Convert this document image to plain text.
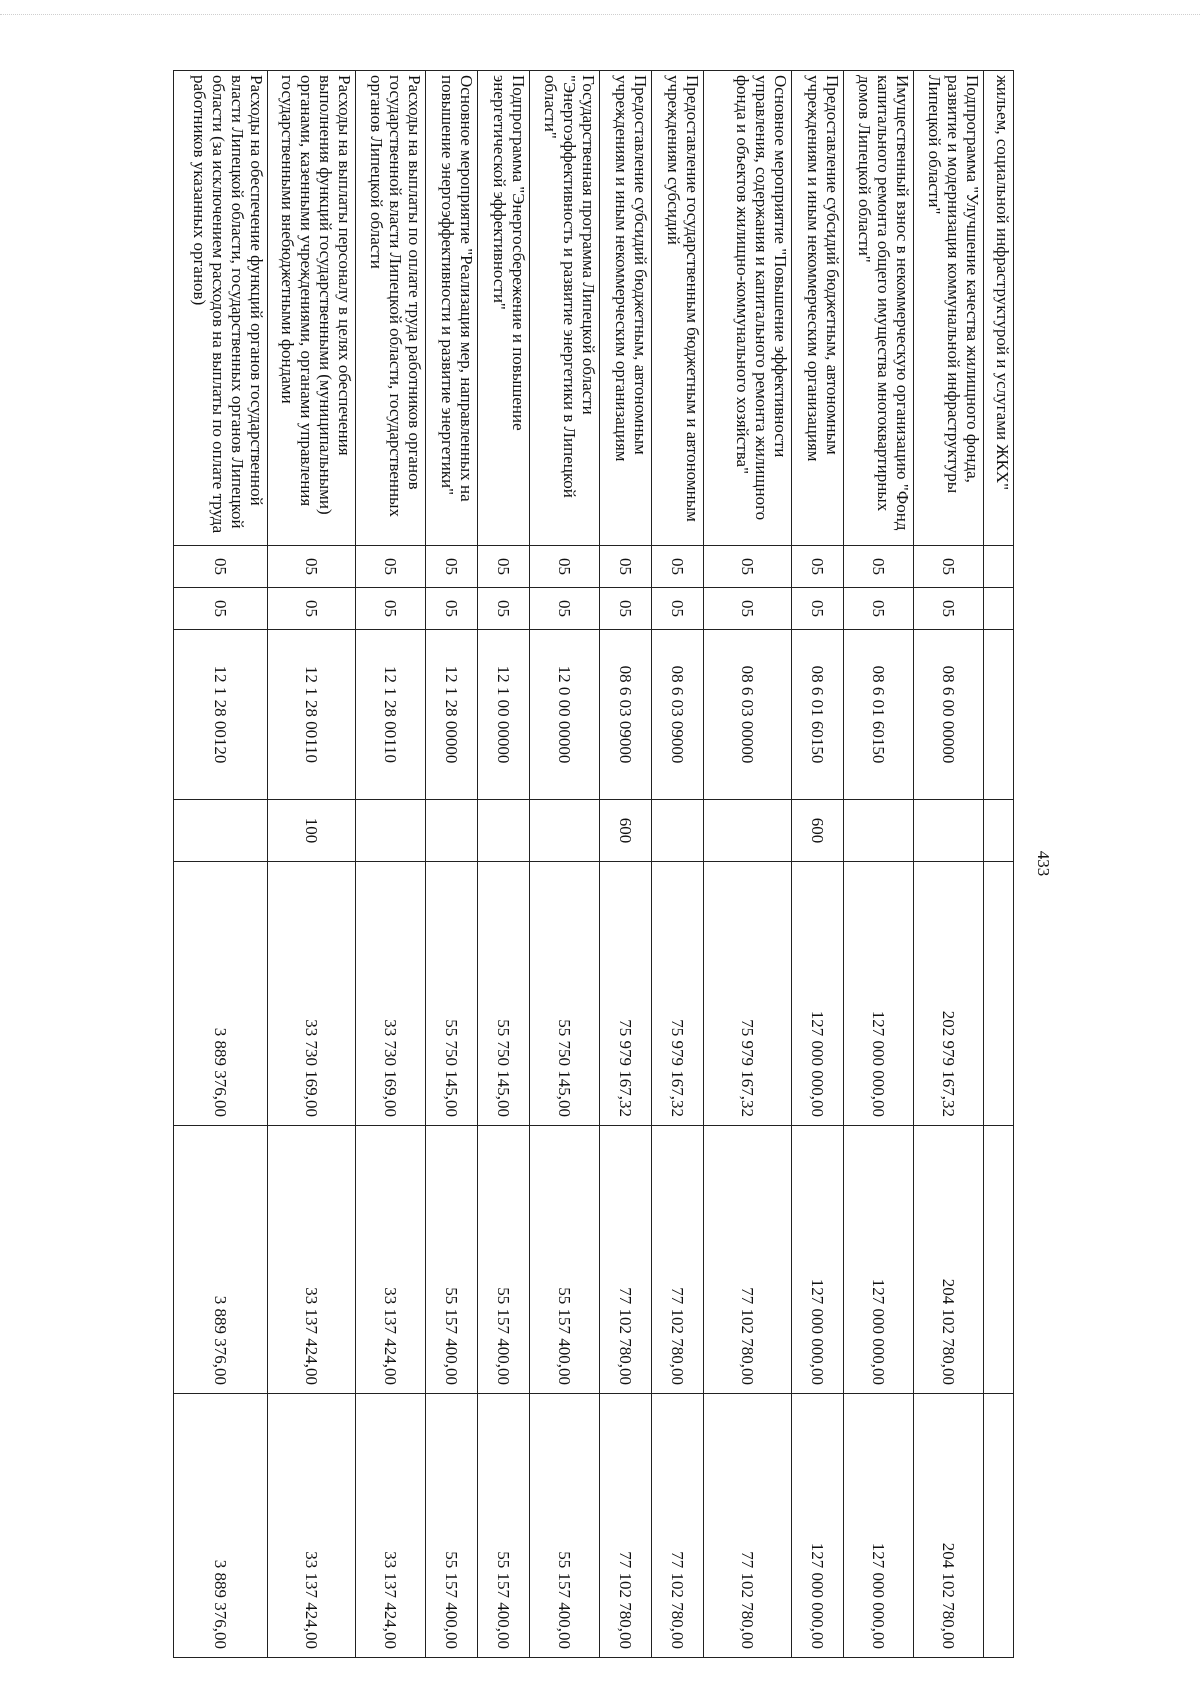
433
жильем, социальной инфраструктурой и услугами ЖКХ"							
Подпрограмма "Улучшение качества жилищного фонда, развитие и модернизация коммунальной инфраструктуры Липецкой области"	05	05	08 6 00 00000		202 979 167,32	204 102 780,00	204 102 780,00
Имущественный взнос в некоммерческую организацию "Фонд капитального ремонта общего имущества многоквартирных домов Липецкой области"	05	05	08 6 01 60150		127 000 000,00	127 000 000,00	127 000 000,00
Предоставление субсидий бюджетным, автономным учреждениям и иным некоммерческим организациям	05	05	08 6 01 60150	600	127 000 000,00	127 000 000,00	127 000 000,00
Основное мероприятие "Повышение эффективности управления, содержания и капитального ремонта жилищного фонда и объектов жилищно-коммунального хозяйства"	05	05	08 6 03 00000		75 979 167,32	77 102 780,00	77 102 780,00
Предоставление государственным бюджетным и автономным учреждениям субсидий	05	05	08 6 03 09000		75 979 167,32	77 102 780,00	77 102 780,00
Предоставление субсидий бюджетным, автономным учреждениям и иным некоммерческим организациям	05	05	08 6 03 09000	600	75 979 167,32	77 102 780,00	77 102 780,00
Государственная программа Липецкой области "Энергоэффективность и развитие энергетики в Липецкой области"	05	05	12 0 00 00000		55 750 145,00	55 157 400,00	55 157 400,00
Подпрограмма "Энергосбережение и повышение энергетической эффективности"	05	05	12 1 00 00000		55 750 145,00	55 157 400,00	55 157 400,00
Основное мероприятие "Реализация мер, направленных на повышение энергоэффективности и развитие энергетики"	05	05	12 1 28 00000		55 750 145,00	55 157 400,00	55 157 400,00
Расходы на выплаты по оплате труда работников органов государственной власти Липецкой области, государственных органов Липецкой области	05	05	12 1 28 00110		33 730 169,00	33 137 424,00	33 137 424,00
Расходы на выплаты персоналу в целях обеспечения выполнения функций государственными (муниципальными) органами, казенными учреждениями, органами управления государственными внебюджетными фондами	05	05	12 1 28 00110	100	33 730 169,00	33 137 424,00	33 137 424,00
Расходы на обеспечение функций органов государственной власти Липецкой области, государственных органов Липецкой области (за исключением расходов на выплаты по оплате труда работников указанных органов)	05	05	12 1 28 00120		3 889 376,00	3 889 376,00	3 889 376,00
